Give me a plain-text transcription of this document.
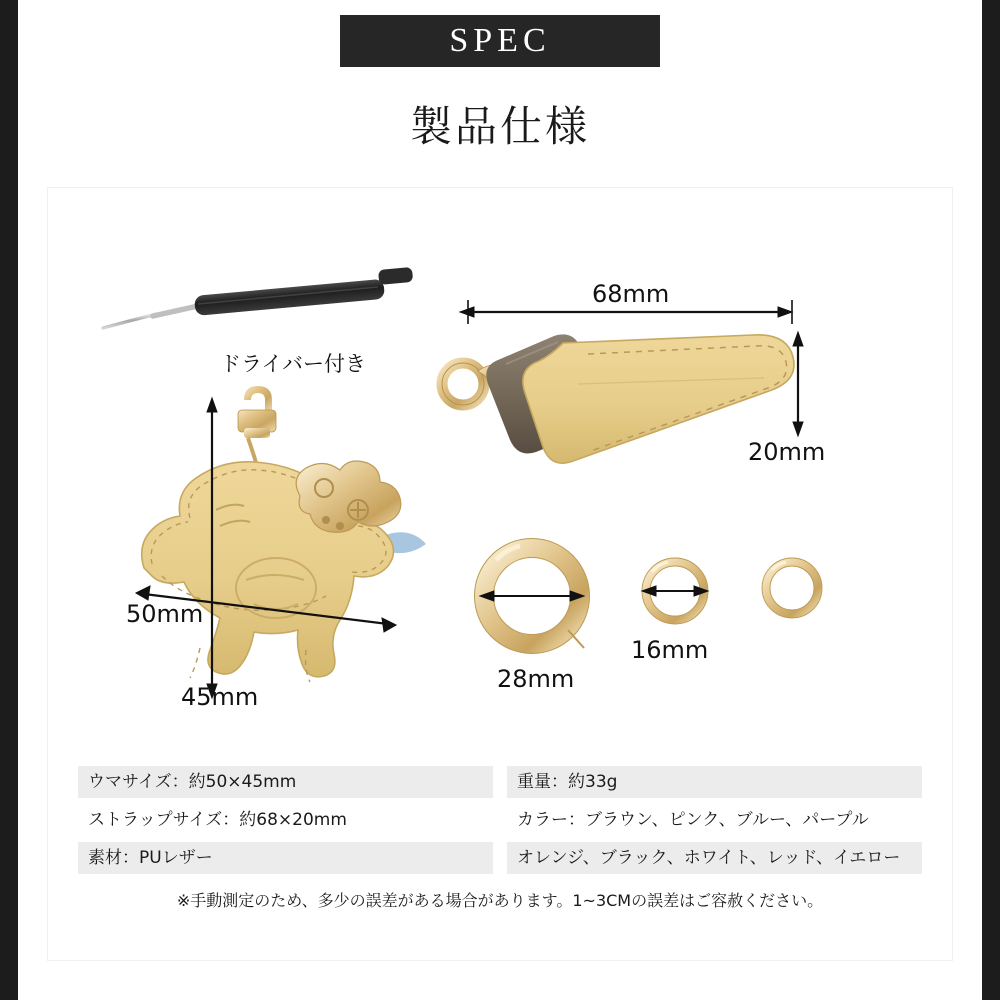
SPEC
製品仕様
ドライバー付き
68mm
20mm
50mm
45mm
28mm
16mm
ウマサイズ：約50×45mm
ストラップサイズ：約68×20mm
素材：PUレザー
重量：約33g
カラー：ブラウン、ピンク、ブルー、パープル
オレンジ、ブラック、ホワイト、レッド、イエロー
※手動測定のため、多少の誤差がある場合があります。1~3CMの誤差はご容赦ください。
